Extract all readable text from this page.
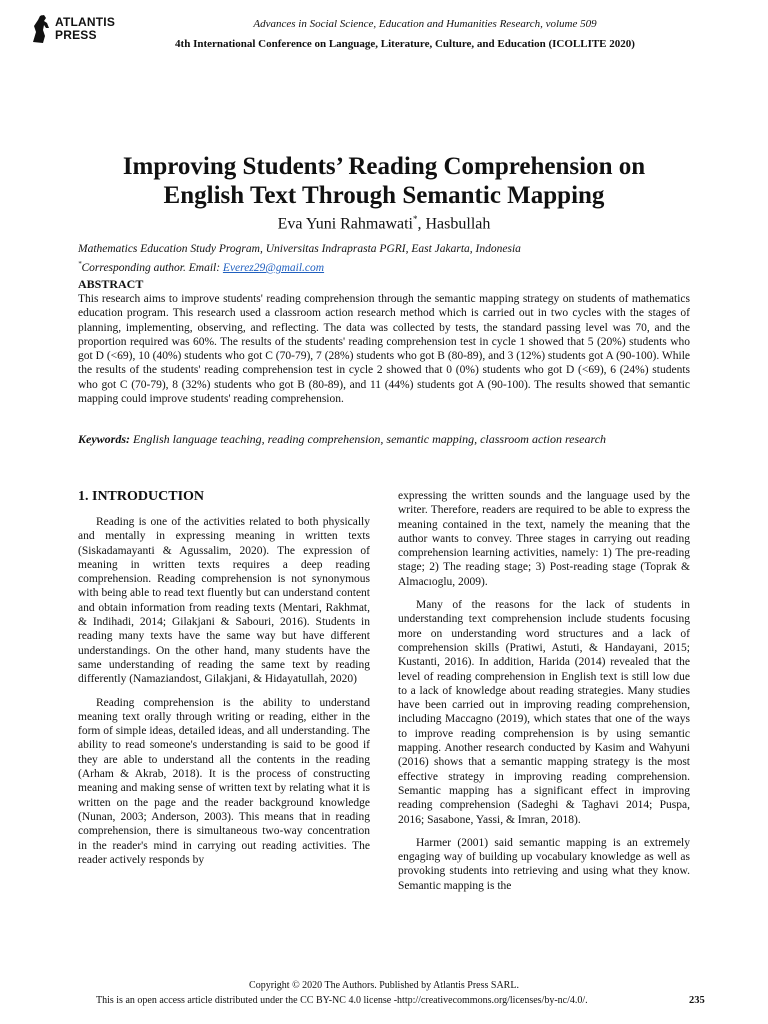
ATLANTIS
PRESS
Advances in Social Science, Education and Humanities Research, volume 509
4th International Conference on Language, Literature, Culture, and Education (ICOLLITE 2020)
Improving Students’ Reading Comprehension on
English Text Through Semantic Mapping
Eva Yuni Rahmawati*, Hasbullah
Mathematics Education Study Program, Universitas Indraprasta PGRI, East Jakarta, Indonesia
*Corresponding author. Email: Everez29@gmail.com
ABSTRACT
This research aims to improve students' reading comprehension through the semantic mapping strategy on students of mathematics education program. This research used a classroom action research method which is carried out in two cycles with the stages of planning, implementing, observing, and reflecting. The data was collected by tests, the standard passing level was 70, and the proportion required was 60%. The results of the students' reading comprehension test in cycle 1 showed that 5 (20%) students who got D (<69), 10 (40%) students who got C (70-79), 7 (28%) students who got B (80-89), and 3 (12%) students got A (90-100). While the results of the students' reading comprehension test in cycle 2 showed that 0 (0%) students who got D (<69), 6 (24%) students who got C (70-79), 8 (32%) students who got B (80-89), and 11 (44%) students got A (90-100). The results showed that semantic mapping could improve students' reading comprehension.
Keywords: English language teaching, reading comprehension, semantic mapping, classroom action research
1. INTRODUCTION

Reading is one of the activities related to both physically and mentally in expressing meaning in written texts (Siskadamayanti & Agussalim, 2020). The expression of meaning in written texts requires a deep reading comprehension. Reading comprehension is not synonymous with being able to read text fluently but can understand content and obtain information from reading texts (Mentari, Rakhmat, & Indihadi, 2014; Gilakjani & Sabouri, 2016). Students in reading many texts have the same way but have different understandings. On the other hand, many students have the same understanding of reading the same text by reading differently (Namaziandost, Gilakjani, & Hidayatullah, 2020)

Reading comprehension is the ability to understand meaning text orally through writing or reading, either in the form of simple ideas, detailed ideas, and all understanding. The ability to read someone's understanding is said to be good if they are able to understand all the contents in the reading (Arham & Akrab, 2018). It is the process of constructing meaning and making sense of written text by relating what it is written on the page and the reader background knowledge (Nunan, 2003; Anderson, 2003). This means that in reading comprehension, there is simultaneous two-way concentration in the reader's mind in carrying out reading activities. The reader actively responds by

expressing the written sounds and the language used by the writer. Therefore, readers are required to be able to express the meaning contained in the text, namely the meaning that the author wants to convey. Three stages in carrying out reading comprehension learning activities, namely: 1) The pre-reading stage; 2) The reading stage; 3) Post-reading stage (Toprak & Almacıoglu, 2009).

Many of the reasons for the lack of students in understanding text comprehension include students focusing more on understanding word structures and a lack of comprehension skills (Pratiwi, Astuti, & Handayani, 2015; Kustanti, 2016). In addition, Harida (2014) revealed that the level of reading comprehension in English text is still low due to a lack of knowledge about reading strategies. Many studies have been carried out in improving reading comprehension, including Maccagno (2019), which states that one of the ways to improve reading comprehension is by using semantic mapping. Another research conducted by Kasim and Wahyuni (2016) shows that a semantic mapping strategy is the most effective strategy in improving reading comprehension. Semantic mapping has a significant effect in improving reading comprehension (Sadeghi & Taghavi 2014; Puspa, 2016; Sasabone, Yassi, & Imran, 2018).

Harmer (2001) said semantic mapping is an extremely engaging way of building up vocabulary knowledge as well as provoking students into retrieving and using what they know. Semantic mapping is the

Copyright © 2020 The Authors. Published by Atlantis Press SARL.
This is an open access article distributed under the CC BY-NC 4.0 license -http://creativecommons.org/licenses/by-nc/4.0/.	235
